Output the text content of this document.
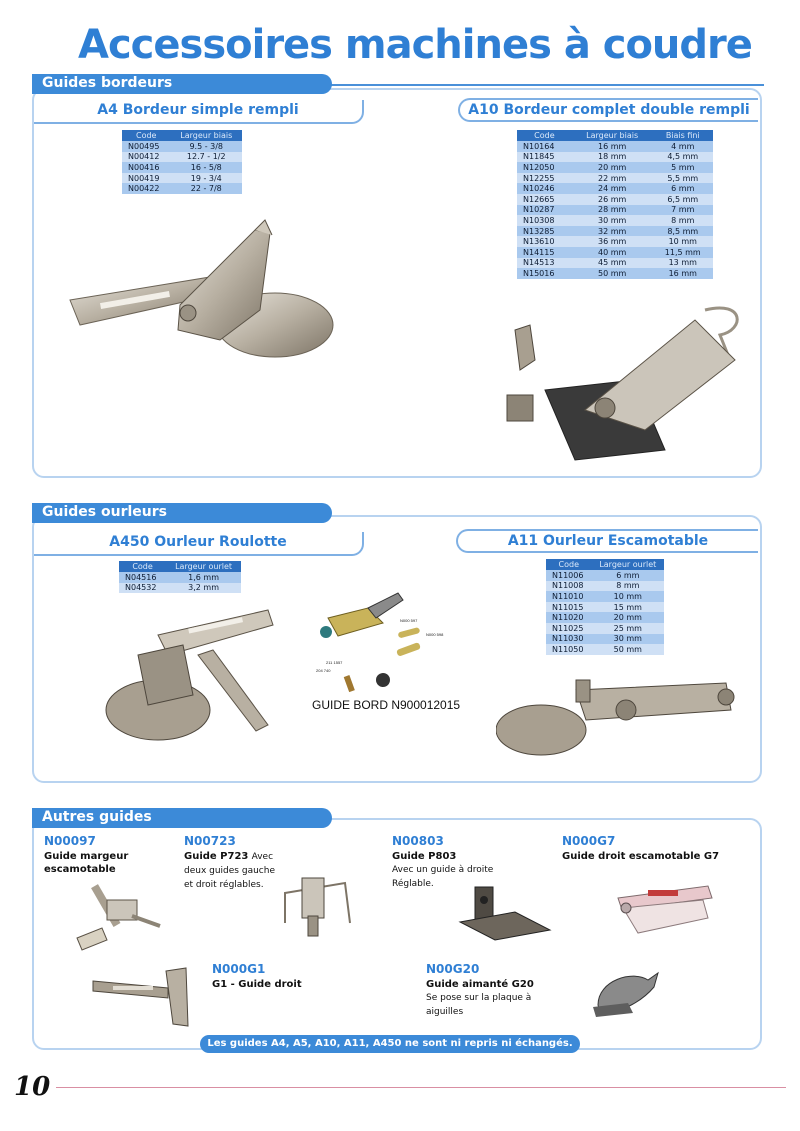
Accessoires machines à coudre
Guides bordeurs
A4 Bordeur simple rempli	A10 Bordeur complet double rempli
Code	Largeur biais
N00495	9.5 - 3/8
N00412	12.7 - 1/2
N00416	16 - 5/8
N00419	19 - 3/4
N00422	22 - 7/8
Code	Largeur biais	Biais fini
N10164	16 mm	4 mm
N11845	18 mm	4,5 mm
N12050	20 mm	5 mm
N12255	22 mm	5,5 mm
N10246	24 mm	6 mm
N12665	26 mm	6,5 mm
N10287	28 mm	7 mm
N10308	30 mm	8 mm
N13285	32 mm	8,5 mm
N13610	36 mm	10 mm
N14115	40 mm	11,5 mm
N14513	45 mm	13 mm
N15016	50 mm	16 mm
Guides ourleurs
A450 Ourleur Roulotte	A11 Ourleur Escamotable
Code	Largeur ourlet
N04516	1,6 mm
N04532	3,2 mm
Code	Largeur ourlet
N11006	6 mm
N11008	8 mm
N11010	10 mm
N11015	15 mm
N11020	20 mm
N11025	25 mm
N11030	30 mm
N11050	50 mm
N000 597
N000 598
211 1557
204 740
GUIDE BORD N900012015
Autres guides
N00097
Guide margeur
escamotable
N00723
Guide P723 Avec deux guides gauche et droit réglables.
N00803
Guide P803
Avec un guide à droite Réglable.
N000G7
Guide droit escamotable G7
N000G1
G1 - Guide droit
N00G20
Guide aimanté G20
Se pose sur la plaque à aiguilles
Les guides A4, A5, A10, A11, A450 ne sont ni repris ni échangés.
10
